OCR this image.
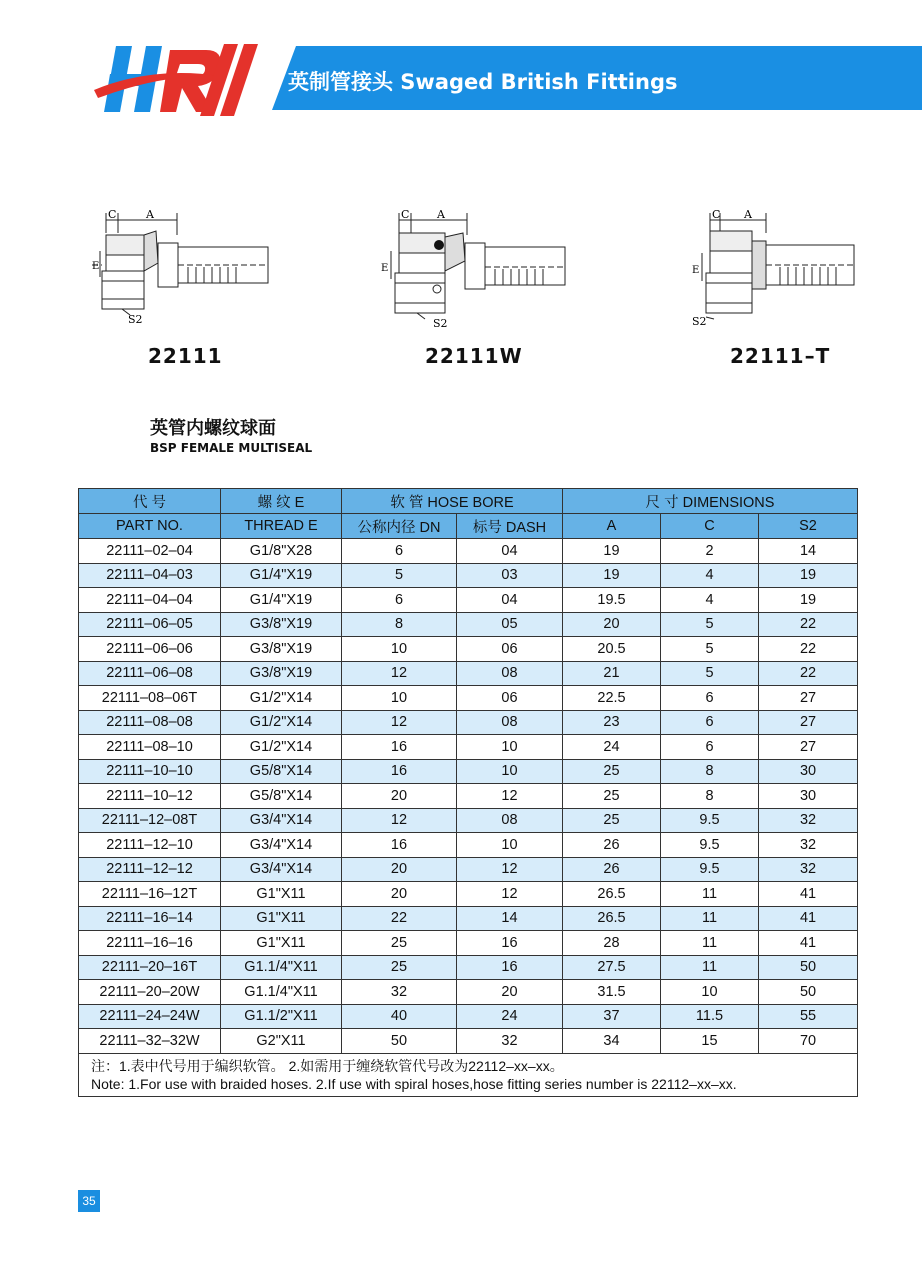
英制管接头 Swaged British Fittings
C	A
E
S2
C	A
E
S2
C A
E
S2
22111	22111W	22111–T
英管内螺纹球面
BSP FEMALE MULTISEAL
代 号	螺 纹 E	软 管 HOSE BORE		尺 寸 DIMENSIONS		
PART NO.	THREAD E	公称内径 DN	标号 DASH	A	C	S2
22111–02–04	G1/8"X28	6	04	19	2	14
22111–04–03	G1/4"X19	5	03	19	4	19
22111–04–04	G1/4"X19	6	04	19.5	4	19
22111–06–05	G3/8"X19	8	05	20	5	22
22111–06–06	G3/8"X19	10	06	20.5	5	22
22111–06–08	G3/8"X19	12	08	21	5	22
22111–08–06T	G1/2"X14	10	06	22.5	6	27
22111–08–08	G1/2"X14	12	08	23	6	27
22111–08–10	G1/2"X14	16	10	24	6	27
22111–10–10	G5/8"X14	16	10	25	8	30
22111–10–12	G5/8"X14	20	12	25	8	30
22111–12–08T	G3/4"X14	12	08	25	9.5	32
22111–12–10	G3/4"X14	16	10	26	9.5	32
22111–12–12	G3/4"X14	20	12	26	9.5	32
22111–16–12T	G1"X11	20	12	26.5	11	41
22111–16–14	G1"X11	22	14	26.5	11	41
22111–16–16	G1"X11	25	16	28	11	41
22111–20–16T	G1.1/4"X11	25	16	27.5	11	50
22111–20–20W	G1.1/4"X11	32	20	31.5	10	50
22111–24–24W	G1.1/2"X11	40	24	37	11.5	55
22111–32–32W	G2"X11	50	32	34	15	70

注：1.表中代号用于编织软管。 2.如需用于缠绕软管代号改为22112–xx–xx。
Note: 1.For use with braided hoses. 2.If use with spiral hoses,hose fitting series number is 22112–xx–xx.						
35
